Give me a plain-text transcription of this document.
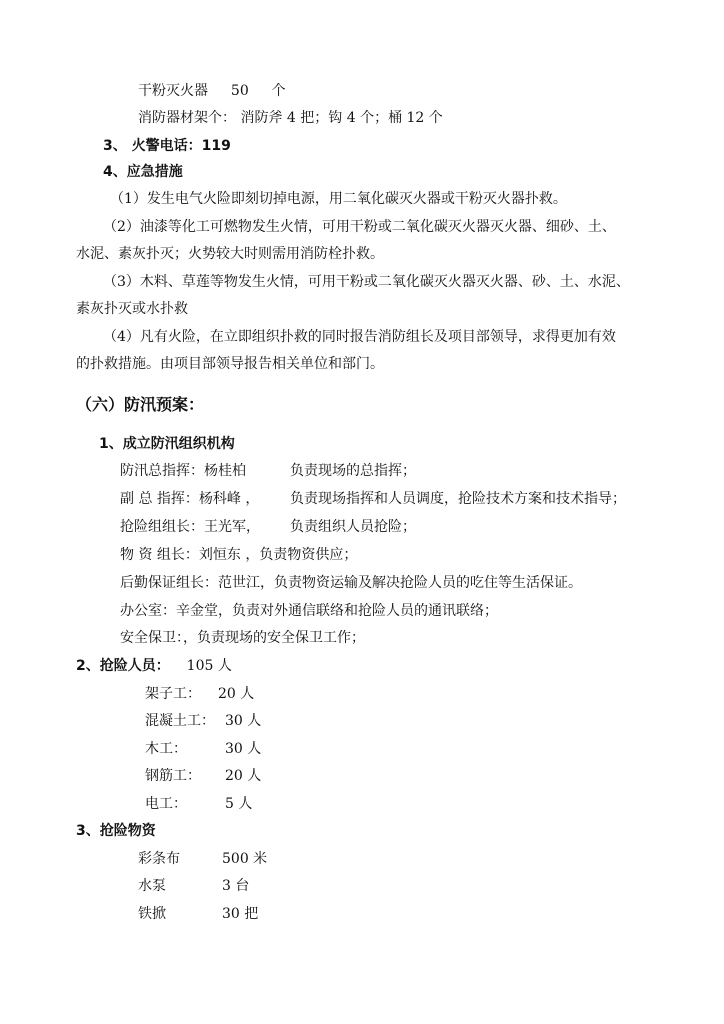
干粉灭火器 50 个
消防器材架个： 消防斧 4 把；钩 4 个；桶 12 个
3、 火警电话：119
4、应急措施
（1）发生电气火险即刻切掉电源，用二氧化碳灭火器或干粉灭火器扑救。
（2）油漆等化工可燃物发生火情，可用干粉或二氧化碳灭火器灭火器、细砂、土、
水泥、素灰扑灭；火势较大时则需用消防栓扑救。
（3）木料、草莲等物发生火情，可用干粉或二氧化碳灭火器灭火器、砂、土、水泥、
素灰扑灭或水扑救
（4）凡有火险，在立即组织扑救的同时报告消防组长及项目部领导，求得更加有效
的扑救措施。由项目部领导报告相关单位和部门。
（六）防汛预案：
1、成立防汛组织机构
防汛总指挥：杨桂柏	负责现场的总指挥；
副 总 指挥：杨科峰 ， 负责现场指挥和人员调度，抢险技术方案和技术指导；
抢险组组长：王光军， 负责组织人员抢险；
物 资 组长：刘恒东 ，负责物资供应；
后勤保证组长：范世江，负责物资运输及解决抢险人员的吃住等生活保证。
办公室：辛金堂，负责对外通信联络和抢险人员的通讯联络；
安全保卫：，负责现场的安全保卫工作；
2、抢险人员： 105 人
架子工： 20 人
混凝土工： 30 人
木工：	30 人
钢筋工： 20 人
电工：	5 人
3、抢险物资
彩条布	500 米
水泵	3 台
铁掀	30 把
